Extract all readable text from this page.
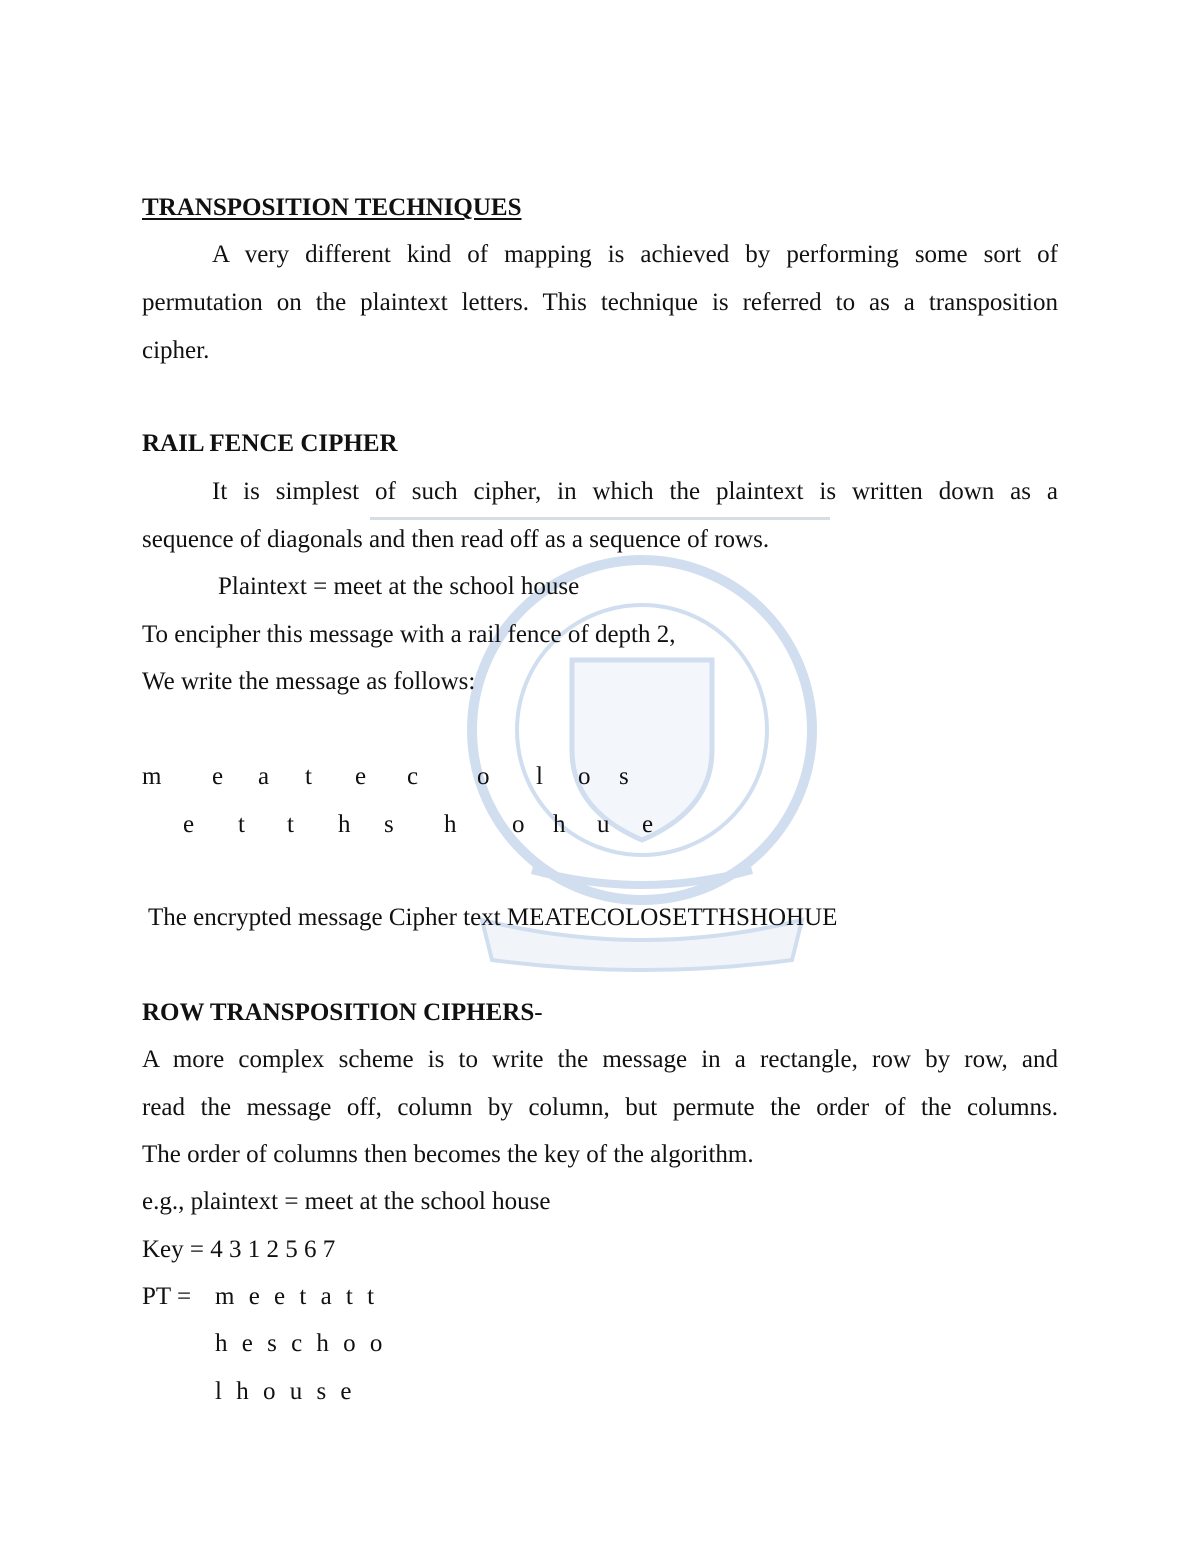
TRANSPOSITION TECHNIQUES
A very different kind of mapping is achieved by performing some sort of
permutation on the plaintext letters. This technique is referred to as a transposition
cipher.
RAIL FENCE CIPHER
It is simplest of such cipher, in which the plaintext is written down as a
sequence of diagonals and then read off as a sequence of rows.
Plaintext = meet at the school house
To encipher this message with a rail fence of depth 2,
We write the message as follows:
m e a t e c o l o s
e t t h s h o h u e
The encrypted message Cipher text MEATECOLOSETTHSHOHUE
ROW TRANSPOSITION CIPHERS-
A more complex scheme is to write the message in a rectangle, row by row, and
read the message off, column by column, but permute the order of the columns.
The order of columns then becomes the key of the algorithm.
e.g., plaintext = meet at the school house
Key = 4 3 1 2 5 6 7
PT = m e e t a t t
h e s c h o o
l h o u s e
